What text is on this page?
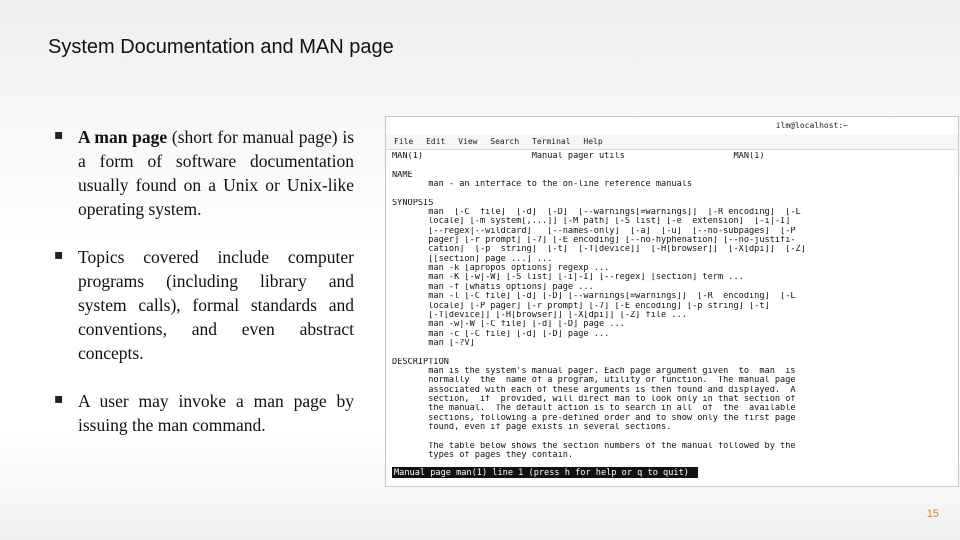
System Documentation and MAN page
▪ A man page (short for manual page) is a form of software documentation usually found on a Unix or Unix-like operating system.
▪ Topics covered include computer programs (including library and system calls), formal standards and conventions, and even abstract concepts.
▪ A user may invoke a man page by issuing the man command.
ilm@localhost:~
File Edit View Search Terminal Help
MAN(1)                     Manual pager utils                     MAN(1)
NAME
man - an interface to the on-line reference manuals
SYNOPSIS
man  [-C  file]  [-d]  [-D]  [--warnings[=warnings]]  [-R encoding]  [-L
locale] [-m system[,...]] [-M path] [-S list] [-e  extension]  [-i|-I]
[--regex|--wildcard]   [--names-only]  [-a]  [-u]  [--no-subpages]  [-P
pager] [-r prompt] [-7] [-E encoding] [--no-hyphenation] [--no-justifi-
cation]  [-p  string]  [-t]  [-T[device]]  [-H[browser]]  [-X[dpi]]  [-Z]
[[section] page ...] ...
man -k [apropos options] regexp ...
man -K [-w|-W] [-S list] [-i|-I] [--regex] [section] term ...
man -f [whatis options] page ...
man -l [-C file] [-d] [-D] [--warnings[=warnings]]  [-R  encoding]  [-L
locale] [-P pager] [-r prompt] [-7] [-E encoding] [-p string] [-t]
[-T[device]] [-H[browser]] [-X[dpi]] [-Z] file ...
man -w|-W [-C file] [-d] [-D] page ...
man -c [-C file] [-d] [-D] page ...
man [-?V]
DESCRIPTION
man is the system's manual pager. Each page argument given  to  man  is
normally  the  name of a program, utility or function.  The manual page
associated with each of these arguments is then found and displayed.  A
section,  if  provided, will direct man to look only in that section of
the manual.  The default action is to search in all  of  the  available
sections, following a pre-defined order and to show only the first page
found, even if page exists in several sections.
The table below shows the section numbers of the manual followed by the
types of pages they contain.
Manual page man(1) line 1 (press h for help or q to quit)
15
